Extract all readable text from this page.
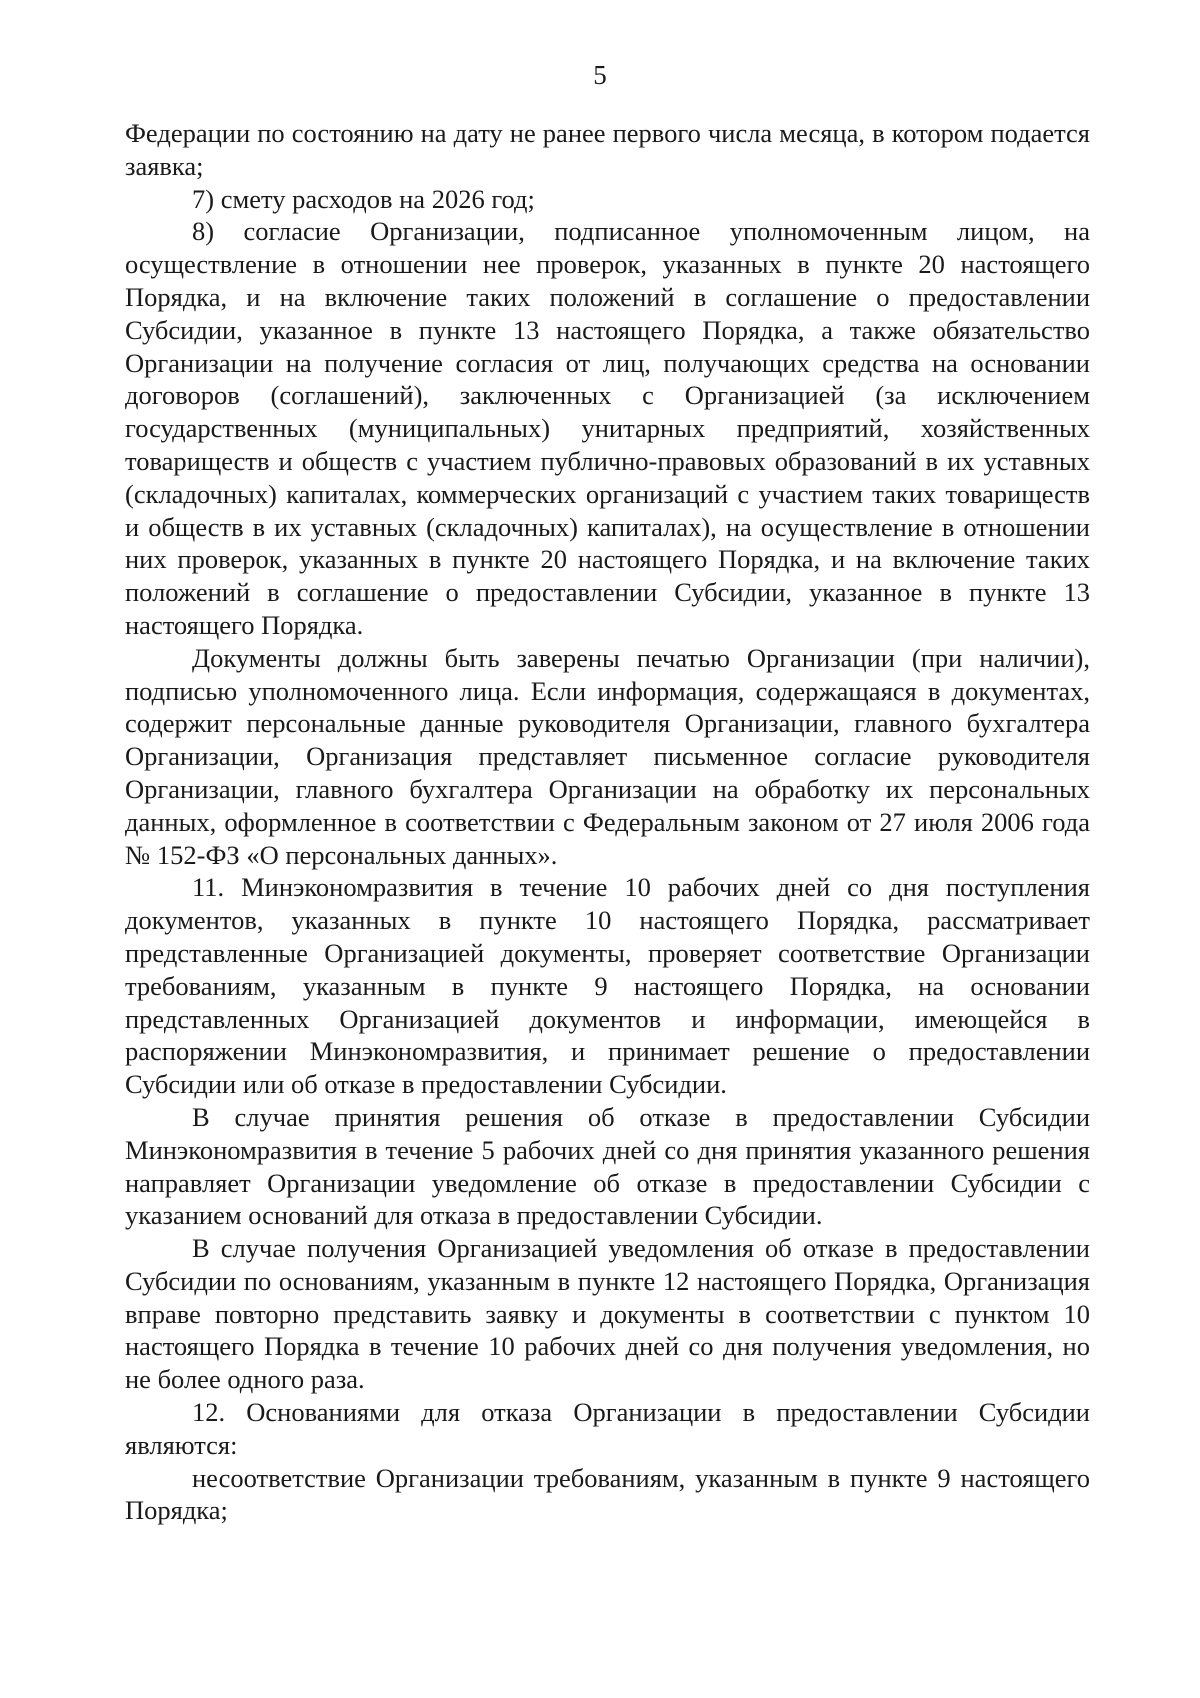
5

Федерации по состоянию на дату не ранее первого числа месяца, в котором подается заявка;

7) смету расходов на 2026 год;

8) согласие Организации, подписанное уполномоченным лицом, на осуществление в отношении нее проверок, указанных в пункте 20 настоящего Порядка, и на включение таких положений в соглашение о предоставлении Субсидии, указанное в пункте 13 настоящего Порядка, а также обязательство Организации на получение согласия от лиц, получающих средства на основании договоров (соглашений), заключенных с Организацией (за исключением государственных (муниципальных) унитарных предприятий, хозяйственных товариществ и обществ с участием публично-правовых образований в их уставных (складочных) капиталах, коммерческих организаций с участием таких товариществ и обществ в их уставных (складочных) капиталах), на осуществление в отношении них проверок, указанных в пункте 20 настоящего Порядка, и на включение таких положений в соглашение о предоставлении Субсидии, указанное в пункте 13 настоящего Порядка.

Документы должны быть заверены печатью Организации (при наличии), подписью уполномоченного лица. Если информация, содержащаяся в документах, содержит персональные данные руководителя Организации, главного бухгалтера Организации, Организация представляет письменное согласие руководителя Организации, главного бухгалтера Организации на обработку их персональных данных, оформленное в соответствии с Федеральным законом от 27 июля 2006 года № 152-ФЗ «О персональных данных».

11. Минэкономразвития в течение 10 рабочих дней со дня поступления документов, указанных в пункте 10 настоящего Порядка, рассматривает представленные Организацией документы, проверяет соответствие Организации требованиям, указанным в пункте 9 настоящего Порядка, на основании представленных Организацией документов и информации, имеющейся в распоряжении Минэкономразвития, и принимает решение о предоставлении Субсидии или об отказе в предоставлении Субсидии.

В случае принятия решения об отказе в предоставлении Субсидии Минэкономразвития в течение 5 рабочих дней со дня принятия указанного решения направляет Организации уведомление об отказе в предоставлении Субсидии с указанием оснований для отказа в предоставлении Субсидии.

В случае получения Организацией уведомления об отказе в предоставлении Субсидии по основаниям, указанным в пункте 12 настоящего Порядка, Организация вправе повторно представить заявку и документы в соответствии с пунктом 10 настоящего Порядка в течение 10 рабочих дней со дня получения уведомления, но не более одного раза.

12. Основаниями для отказа Организации в предоставлении Субсидии являются:

несоответствие Организации требованиям, указанным в пункте 9 настоящего Порядка;
